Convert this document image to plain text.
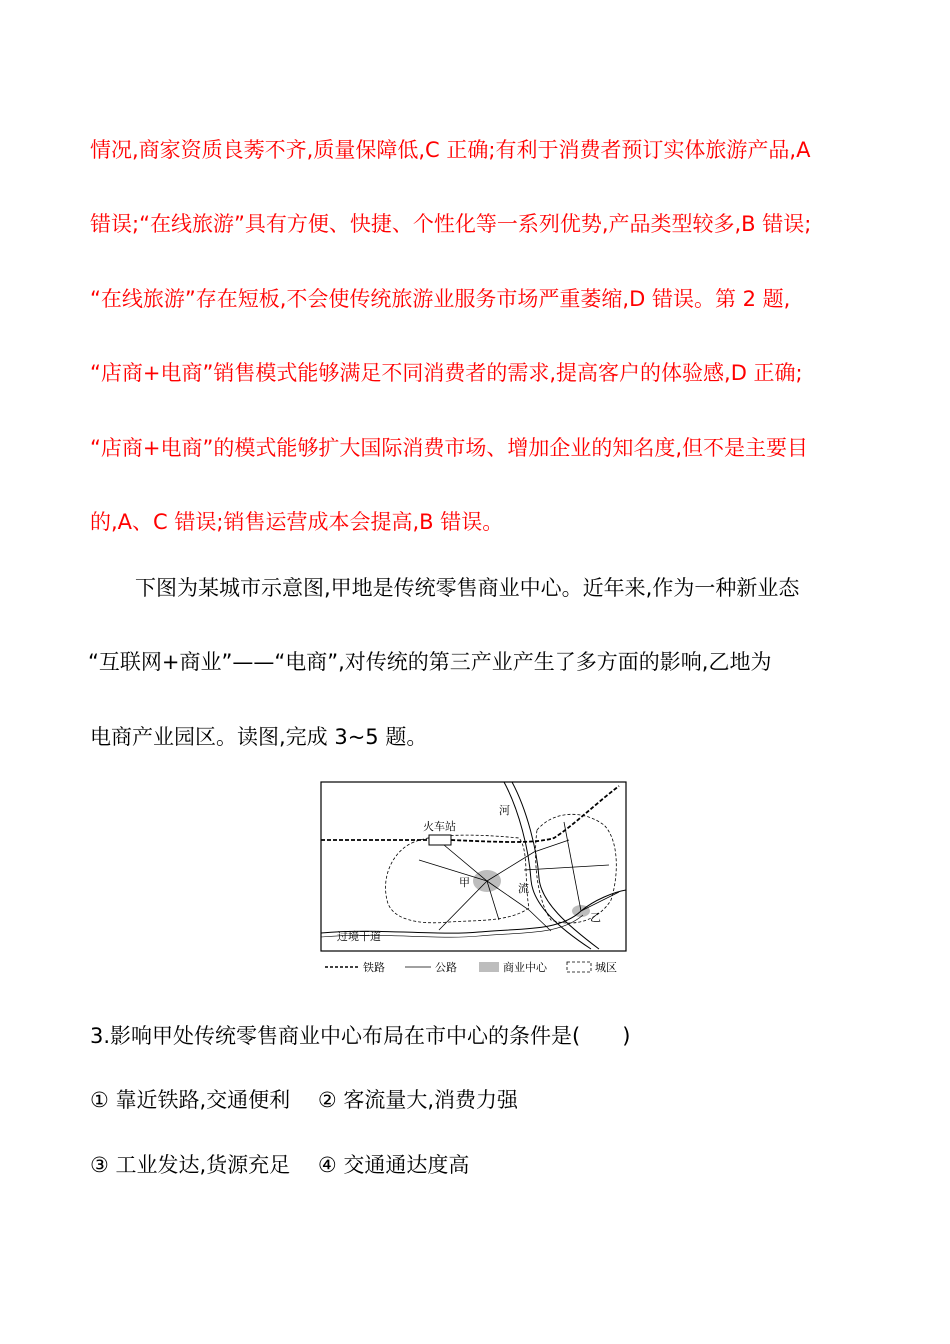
情况,商家资质良莠不齐,质量保障低,C 正确;有利于消费者预订实体旅游产品,A
错误;“在线旅游”具有方便、快捷、个性化等一系列优势,产品类型较多,B 错误;
“在线旅游”存在短板,不会使传统旅游业服务市场严重萎缩,D 错误。第 2 题,
“店商+电商”销售模式能够满足不同消费者的需求,提高客户的体验感,D 正确;
“店商+电商”的模式能够扩大国际消费市场、增加企业的知名度,但不是主要目
的,A、C 错误;销售运营成本会提高,B 错误。
下图为某城市示意图,甲地是传统零售商业中心。近年来,作为一种新业态
“互联网+商业”——“电商”,对传统的第三产业产生了多方面的影响,乙地为
电商产业园区。读图,完成 3~5 题。
河
流
火车站
甲
乙
过境干道
铁路	公路	商业中心	城区
3.影响甲处传统零售商业中心布局在市中心的条件是(　　)
① 靠近铁路,交通便利　 ② 客流量大,消费力强
③ 工业发达,货源充足　 ④ 交通通达度高
